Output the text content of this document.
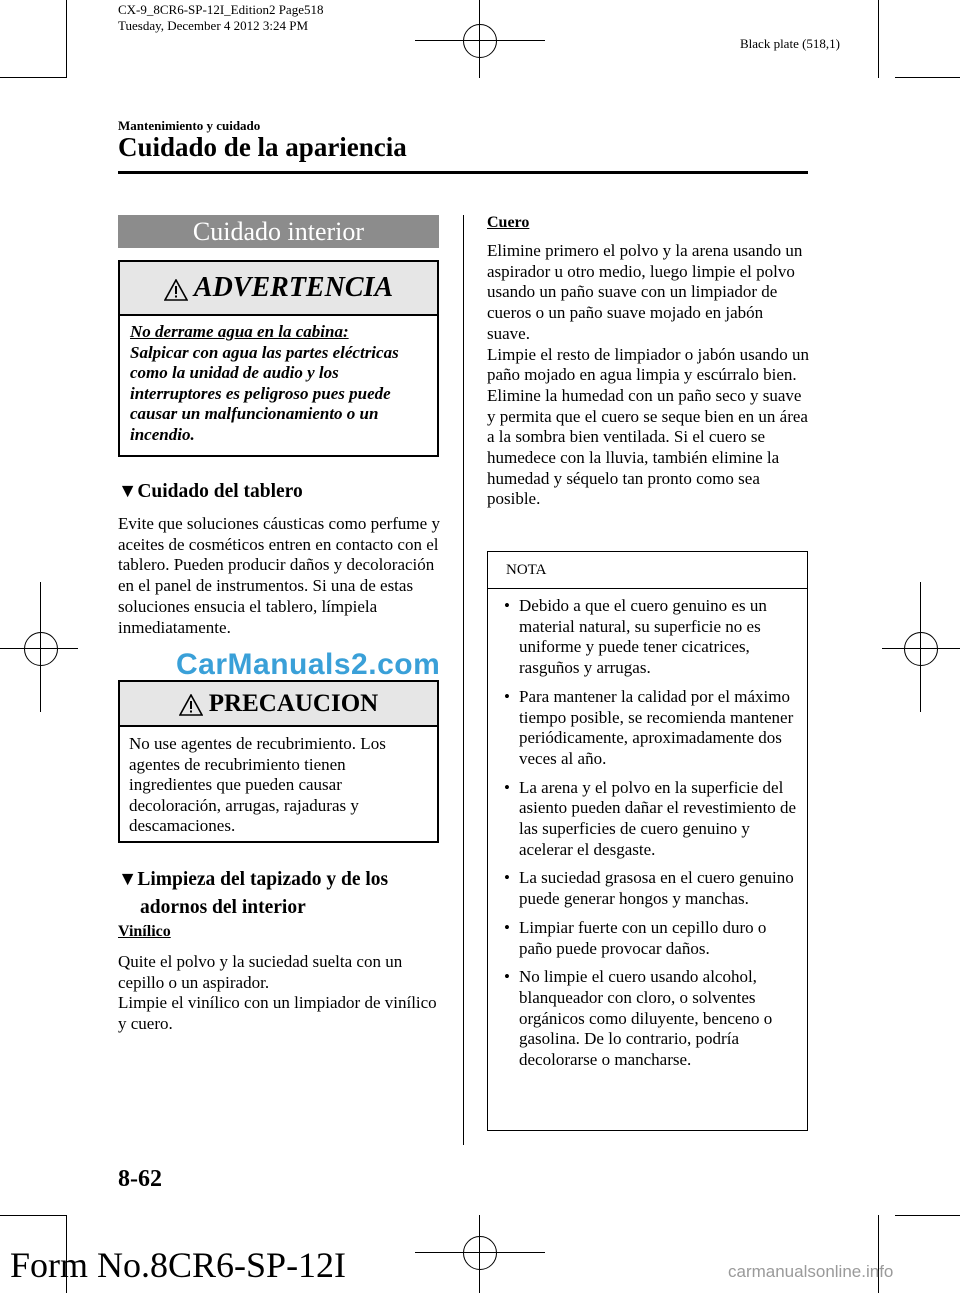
CX-9_8CR6-SP-12I_Edition2 Page518
Tuesday, December 4 2012 3:24 PM
Black plate (518,1)
Mantenimiento y cuidado
Cuidado de la apariencia
Cuidado interior
ADVERTENCIA
No derrame agua en la cabina:
Salpicar con agua las partes eléctricas como la unidad de audio y los interruptores es peligroso pues puede causar un malfuncionamiento o un incendio.
▼Cuidado del tablero
Evite que soluciones cáusticas como perfume y aceites de cosméticos entren en contacto con el tablero. Pueden producir daños y decoloración en el panel de instrumentos. Si una de estas soluciones ensucia el tablero, límpiela inmediatamente.
CarManuals2.com
PRECAUCION
No use agentes de recubrimiento. Los agentes de recubrimiento tienen ingredientes que pueden causar decoloración, arrugas, rajaduras y descamaciones.
▼Limpieza del tapizado y de los
adornos del interior
Vinílico
Quite el polvo y la suciedad suelta con un cepillo o un aspirador.
Limpie el vinílico con un limpiador de vinílico y cuero.
Cuero
Elimine primero el polvo y la arena usando un aspirador u otro medio, luego limpie el polvo usando un paño suave con un limpiador de cueros o un paño suave mojado en jabón suave.
Limpie el resto de limpiador o jabón usando un paño mojado en agua limpia y escúrralo bien.
Elimine la humedad con un paño seco y suave y permita que el cuero se seque bien en un área a la sombra bien ventilada. Si el cuero se humedece con la lluvia, también elimine la humedad y séquelo tan pronto como sea posible.
NOTA
• Debido a que el cuero genuino es un material natural, su superficie no es uniforme y puede tener cicatrices, rasguños y arrugas.
• Para mantener la calidad por el máximo tiempo posible, se recomienda mantener periódicamente, aproximadamente dos veces al año.
• La arena y el polvo en la superficie del asiento pueden dañar el revestimiento de las superficies de cuero genuino y acelerar el desgaste.
• La suciedad grasosa en el cuero genuino puede generar hongos y manchas.
• Limpiar fuerte con un cepillo duro o paño puede provocar daños.
• No limpie el cuero usando alcohol, blanqueador con cloro, o solventes orgánicos como diluyente, benceno o gasolina. De lo contrario, podría decolorarse o mancharse.
8-62
Form No.8CR6-SP-12I	carmanualsonline.info
